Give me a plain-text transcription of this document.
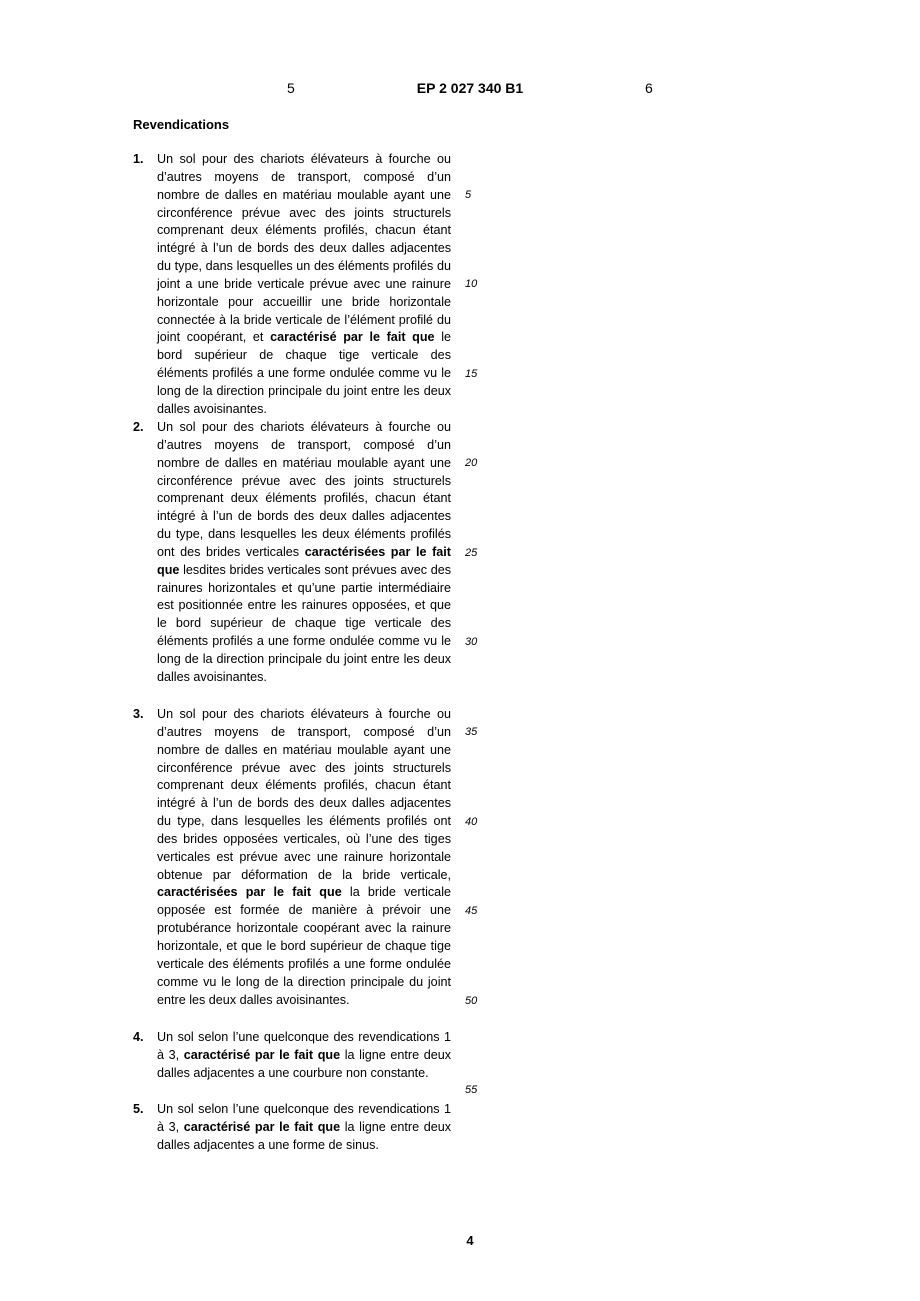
5	EP 2 027 340 B1	6
Revendications
1. Un sol pour des chariots élévateurs à fourche ou d’autres moyens de transport, composé d’un nombre de dalles en matériau moulable ayant une circonférence prévue avec des joints structurels comprenant deux éléments profilés, chacun étant intégré à l’un de bords des deux dalles adjacentes du type, dans lesquelles un des éléments profilés du joint a une bride verticale prévue avec une rainure horizontale pour accueillir une bride horizontale connectée à la bride verticale de l’élément profilé du joint coopérant, et caractérisé par le fait que le bord supérieur de chaque tige verticale des éléments profilés a une forme ondulée comme vu le long de la direction principale du joint entre les deux dalles avoisinantes.
2. Un sol pour des chariots élévateurs à fourche ou d’autres moyens de transport, composé d’un nombre de dalles en matériau moulable ayant une circonférence prévue avec des joints structurels comprenant deux éléments profilés, chacun étant intégré à l’un de bords des deux dalles adjacentes du type, dans lesquelles les deux éléments profilés ont des brides verticales caractérisées par le fait que lesdites brides verticales sont prévues avec des rainures horizontales et qu’une partie intermédiaire est positionnée entre les rainures opposées, et que le bord supérieur de chaque tige verticale des éléments profilés a une forme ondulée comme vu le long de la direction principale du joint entre les deux dalles avoisinantes.
3. Un sol pour des chariots élévateurs à fourche ou d’autres moyens de transport, composé d’un nombre de dalles en matériau moulable ayant une circonférence prévue avec des joints structurels comprenant deux éléments profilés, chacun étant intégré à l’un de bords des deux dalles adjacentes du type, dans lesquelles les éléments profilés ont des brides opposées verticales, où l’une des tiges verticales est prévue avec une rainure horizontale obtenue par déformation de la bride verticale, caractérisées par le fait que la bride verticale opposée est formée de manière à prévoir une protubérance horizontale coopérant avec la rainure horizontale, et que le bord supérieur de chaque tige verticale des éléments profilés a une forme ondulée comme vu le long de la direction principale du joint entre les deux dalles avoisinantes.
4. Un sol selon l’une quelconque des revendications 1 à 3, caractérisé par le fait que la ligne entre deux dalles adjacentes a une courbure non constante.
5. Un sol selon l’une quelconque des revendications 1 à 3, caractérisé par le fait que la ligne entre deux dalles adjacentes a une forme de sinus.
5
10
15
20
25
30
35
40
45
50
55
4
